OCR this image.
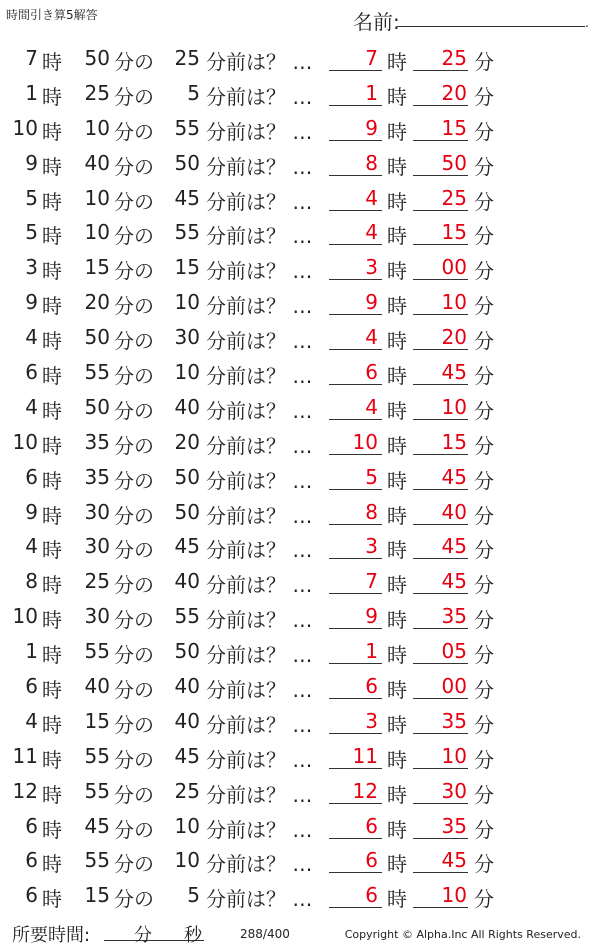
時間引き算5解答	名前:	.
7 時 50 分の 25 分前は？ …	7 時 25 分
1 時 25 分の 5 分前は？ …	1 時 20 分
10 時 10 分の 55 分前は？ …	9 時 15 分
9 時 40 分の 50 分前は？ …	8 時 50 分
5 時 10 分の 45 分前は？ …	4 時 25 分
5 時 10 分の 55 分前は？ …	4 時 15 分
3 時 15 分の 15 分前は？ …	3 時 00 分
9 時 20 分の 10 分前は？ …	9 時 10 分
4 時 50 分の 30 分前は？ …	4 時 20 分
6 時 55 分の 10 分前は？ …	6 時 45 分
4 時 50 分の 40 分前は？ …	4 時 10 分
10 時 35 分の 20 分前は？ … 10 時 15 分
6 時 35 分の 50 分前は？ …	5 時 45 分
9 時 30 分の 50 分前は？ …	8 時 40 分
4 時 30 分の 45 分前は？ …	3 時 45 分
8 時 25 分の 40 分前は？ …	7 時 45 分
10 時 30 分の 55 分前は？ …	9 時 35 分
1 時 55 分の 50 分前は？ …	1 時 05 分
6 時 40 分の 40 分前は？ …	6 時 00 分
4 時 15 分の 40 分前は？ …	3 時 35 分
11 時 55 分の 45 分前は？ … 11 時 10 分
12 時 55 分の 25 分前は？ … 12 時 30 分
6 時 45 分の 10 分前は？ …	6 時 35 分
6 時 55 分の 10 分前は？ …	6 時 45 分
6 時 15 分の 5 分前は？ …	6 時 10 分
所要時間: 分 秒	288/400	Copyright © Alpha.Inc All Rights Reserved.
